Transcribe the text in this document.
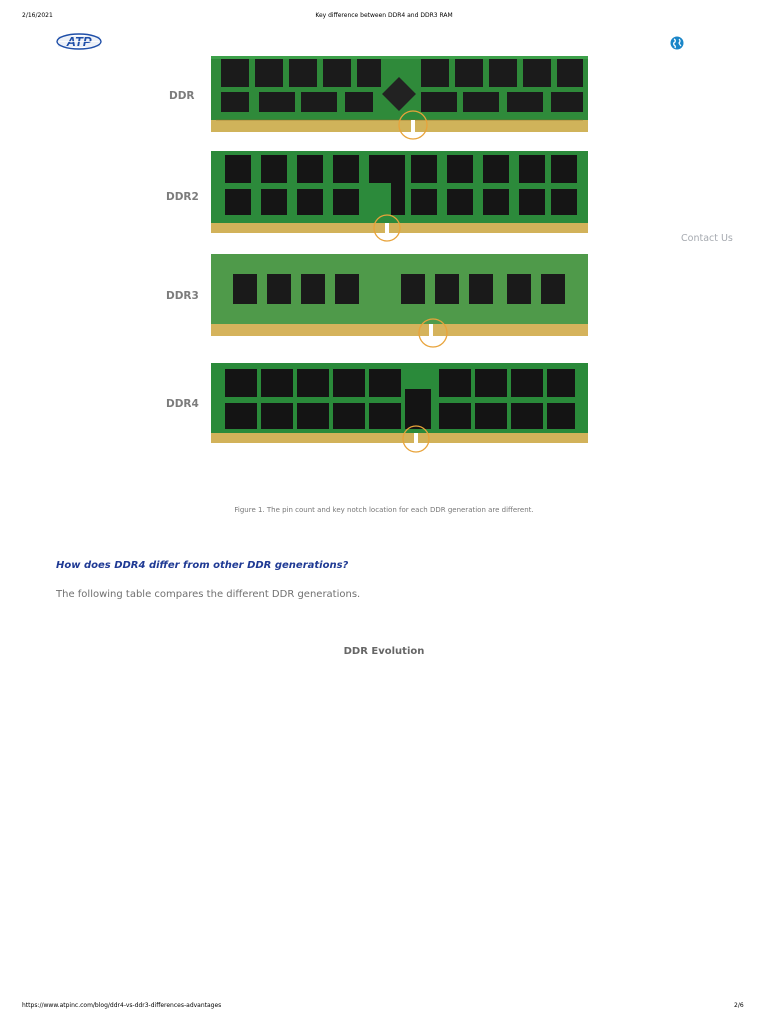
2/16/2021	Key difference between DDR4 and DDR3 RAM
ATP
Contact Us
DDR
DDR2
DDR3
DDR4
Figure 1. The pin count and key notch location for each DDR generation are different.
How does DDR4 differ from other DDR generations?
The following table compares the different DDR generations.
DDR Evolution
https://www.atpinc.com/blog/ddr4-vs-ddr3-differences-advantages	2/6
